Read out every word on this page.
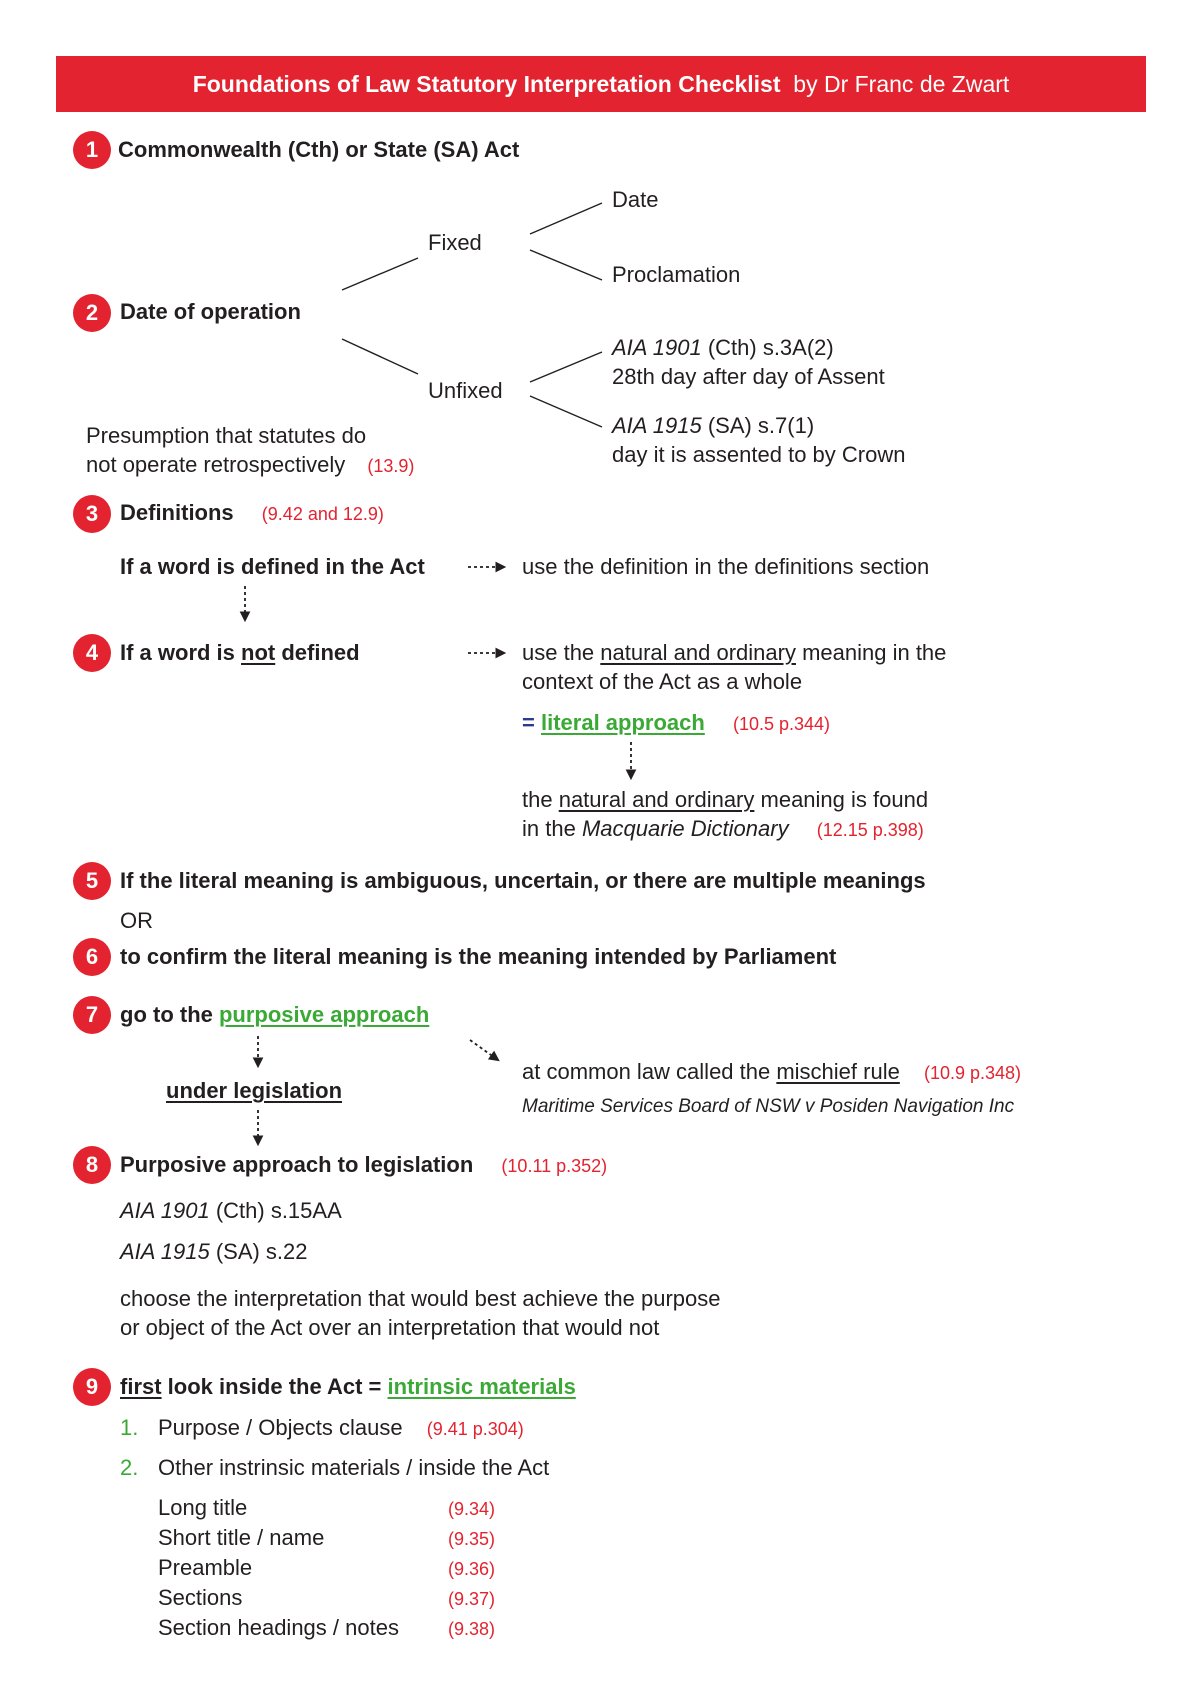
Foundations of Law Statutory Interpretation Checklist by Dr Franc de Zwart
1
2
3
4
5
6
7
8
9
Commonwealth (Cth) or State (SA) Act
Date of operation
Fixed
Date
Proclamation
Unfixed
AIA 1901 (Cth) s.3A(2)
28th day after day of Assent
AIA 1915 (SA) s.7(1)
day it is assented to by Crown
Presumption that statutes do
not operate retrospectively (13.9)
Definitions (9.42 and 12.9)
If a word is defined in the Act	use the definition in the definitions section
If a word is not defined	use the natural and ordinary meaning in the
context of the Act as a whole
= literal approach (10.5 p.344)
the natural and ordinary meaning is found
in the Macquarie Dictionary (12.15 p.398)
If the literal meaning is ambiguous, uncertain, or there are multiple meanings
OR
to confirm the literal meaning is the meaning intended by Parliament
go to the purposive approach
under legislation
at common law called the mischief rule (10.9 p.348)
Maritime Services Board of NSW v Posiden Navigation Inc
Purposive approach to legislation (10.11 p.352)
AIA 1901 (Cth) s.15AA
AIA 1915 (SA) s.22
choose the interpretation that would best achieve the purpose
or object of the Act over an interpretation that would not
first look inside the Act = intrinsic materials
1. Purpose / Objects clause (9.41 p.304)
2. Other instrinsic materials / inside the Act
Long title	(9.34)
Short title / name	(9.35)
Preamble	(9.36)
Sections	(9.37)
Section headings / notes	(9.38)
